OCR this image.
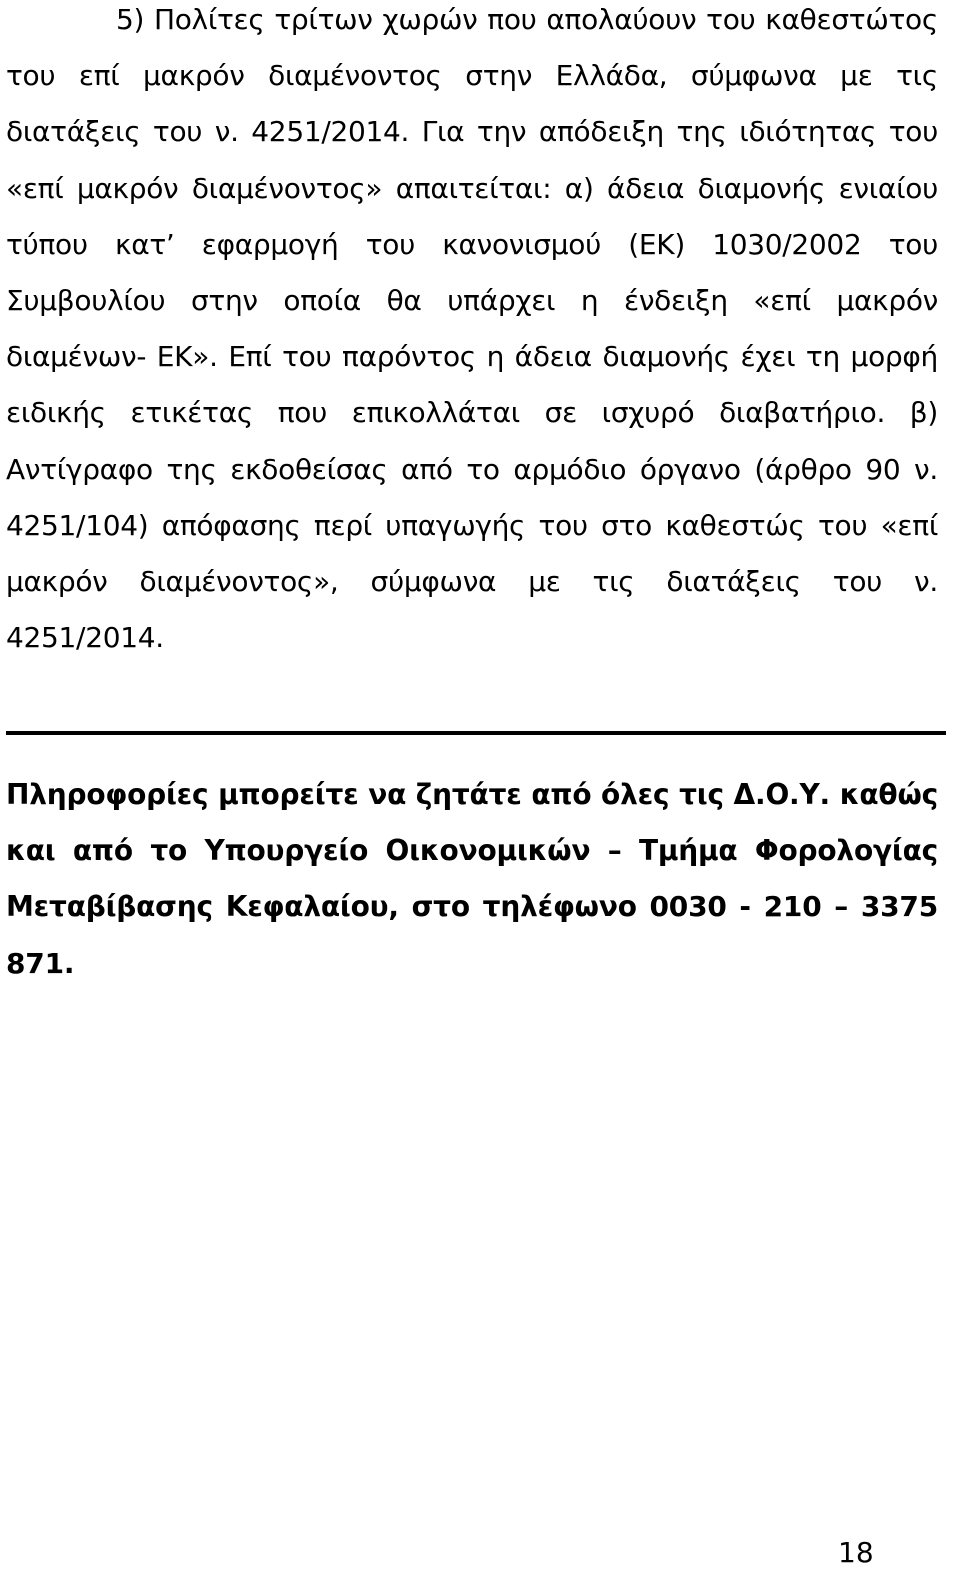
5) Πολίτες τρίτων χωρών που απολαύουν του καθεστώτος του επί μακρόν διαμένοντος στην Ελλάδα, σύμφωνα με τις διατάξεις του ν. 4251/2014. Για την απόδειξη της ιδιότητας του «επί μακρόν διαμένοντος» απαιτείται: α) άδεια διαμονής ενιαίου τύπου κατ’ εφαρμογή του κανονισμού (ΕΚ) 1030/2002 του Συμβουλίου στην οποία θα υπάρχει η ένδειξη «επί μακρόν διαμένων- ΕΚ». Επί του παρόντος η άδεια διαμονής έχει τη μορφή ειδικής ετικέτας που επικολλάται σε ισχυρό διαβατήριο. β) Αντίγραφο της εκδοθείσας από το αρμόδιο όργανο (άρθρο 90 ν. 4251/104) απόφασης περί υπαγωγής του στο καθεστώς του «επί μακρόν διαμένοντος», σύμφωνα με τις διατάξεις του ν. 4251/2014.

Πληροφορίες μπορείτε να ζητάτε από όλες τις Δ.Ο.Υ. καθώς και από το Υπουργείο Οικονομικών – Τμήμα Φορολογίας Μεταβίβασης Κεφαλαίου, στο τηλέφωνο 0030 - 210 – 3375 871.

18
